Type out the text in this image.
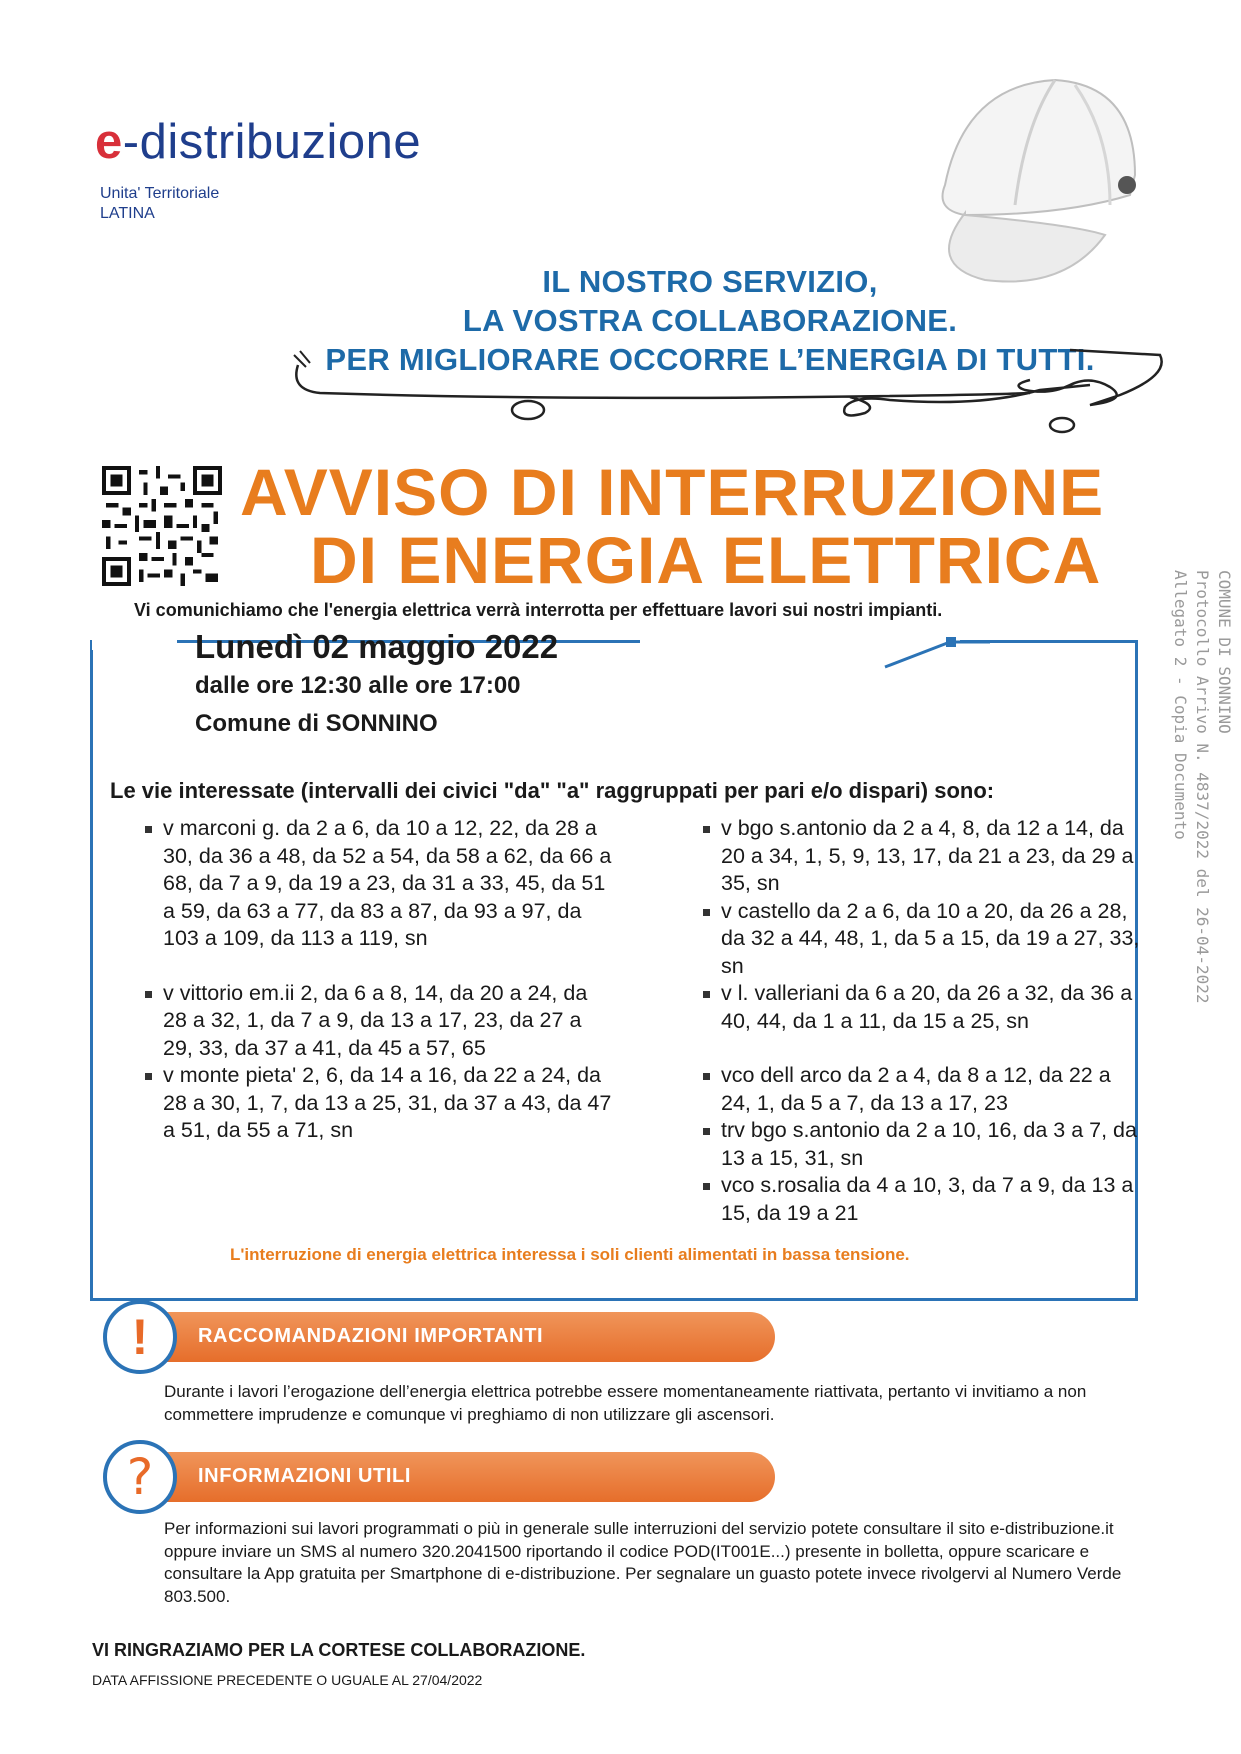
e-distribuzione
Unita' Territoriale
LATINA
IL NOSTRO SERVIZIO,
LA VOSTRA COLLABORAZIONE.
PER MIGLIORARE OCCORRE L’ENERGIA DI TUTTI.
AVVISO DI INTERRUZIONE
DI ENERGIA ELETTRICA
COMUNE DI SONNINO
Protocollo Arrivo N. 4837/2022 del 26-04-2022
Allegato 2 - Copia Documento
Vi comunichiamo che l'energia elettrica verrà interrotta per effettuare lavori sui nostri impianti.
Lunedì 02 maggio 2022
dalle ore 12:30 alle ore 17:00
Comune di SONNINO
Le vie interessate (intervalli dei civici "da" "a" raggruppati per pari e/o dispari) sono:

v marconi g. da 2 a 6, da 10 a 12, 22, da 28 a 30, da 36 a 48, da 52 a 54, da 58 a 62, da 66 a 68, da 7 a 9, da 19 a 23, da 31 a 33, 45, da 51 a 59, da 63 a 77, da 83 a 87, da 93 a 97, da 103 a 109, da 113 a 119, sn

v vittorio em.ii 2, da 6 a 8, 14, da 20 a 24, da 28 a 32, 1, da 7 a 9, da 13 a 17, 23, da 27 a 29, 33, da 37 a 41, da 45 a 57, 65

v monte pieta' 2, 6, da 14 a 16, da 22 a 24, da 28 a 30, 1, 7, da 13 a 25, 31, da 37 a 43, da 47 a 51, da 55 a 71, sn

v bgo s.antonio da 2 a 4, 8, da 12 a 14, da 20 a 34, 1, 5, 9, 13, 17, da 21 a 23, da 29 a 35, sn

v castello da 2 a 6, da 10 a 20, da 26 a 28, da 32 a 44, 48, 1, da 5 a 15, da 19 a 27, 33, sn

v l. valleriani da 6 a 20, da 26 a 32, da 36 a 40, 44, da 1 a 11, da 15 a 25, sn

vco dell arco da 2 a 4, da 8 a 12, da 22 a 24, 1, da 5 a 7, da 13 a 17, 23

trv bgo s.antonio da 2 a 10, 16, da 3 a 7, da 13 a 15, 31, sn

vco s.rosalia da 4 a 10, 3, da 7 a 9, da 13 a 15, da 19 a 21

L'interruzione di energia elettrica interessa i soli clienti alimentati in bassa tensione.
!	RACCOMANDAZIONI IMPORTANTI
Durante i lavori l’erogazione dell’energia elettrica potrebbe essere momentaneamente riattivata, pertanto vi invitiamo a non commettere imprudenze e comunque vi preghiamo di non utilizzare gli ascensori.
?	INFORMAZIONI UTILI
Per informazioni sui lavori programmati o più in generale sulle interruzioni del servizio potete consultare il sito e-distribuzione.it oppure inviare un SMS al numero 320.2041500 riportando il codice POD(IT001E...) presente in bolletta, oppure scaricare e consultare la App gratuita per Smartphone di e-distribuzione. Per segnalare un guasto potete invece rivolgervi al Numero Verde 803.500.
VI RINGRAZIAMO PER LA CORTESE COLLABORAZIONE.
DATA AFFISSIONE PRECEDENTE O UGUALE AL 27/04/2022
